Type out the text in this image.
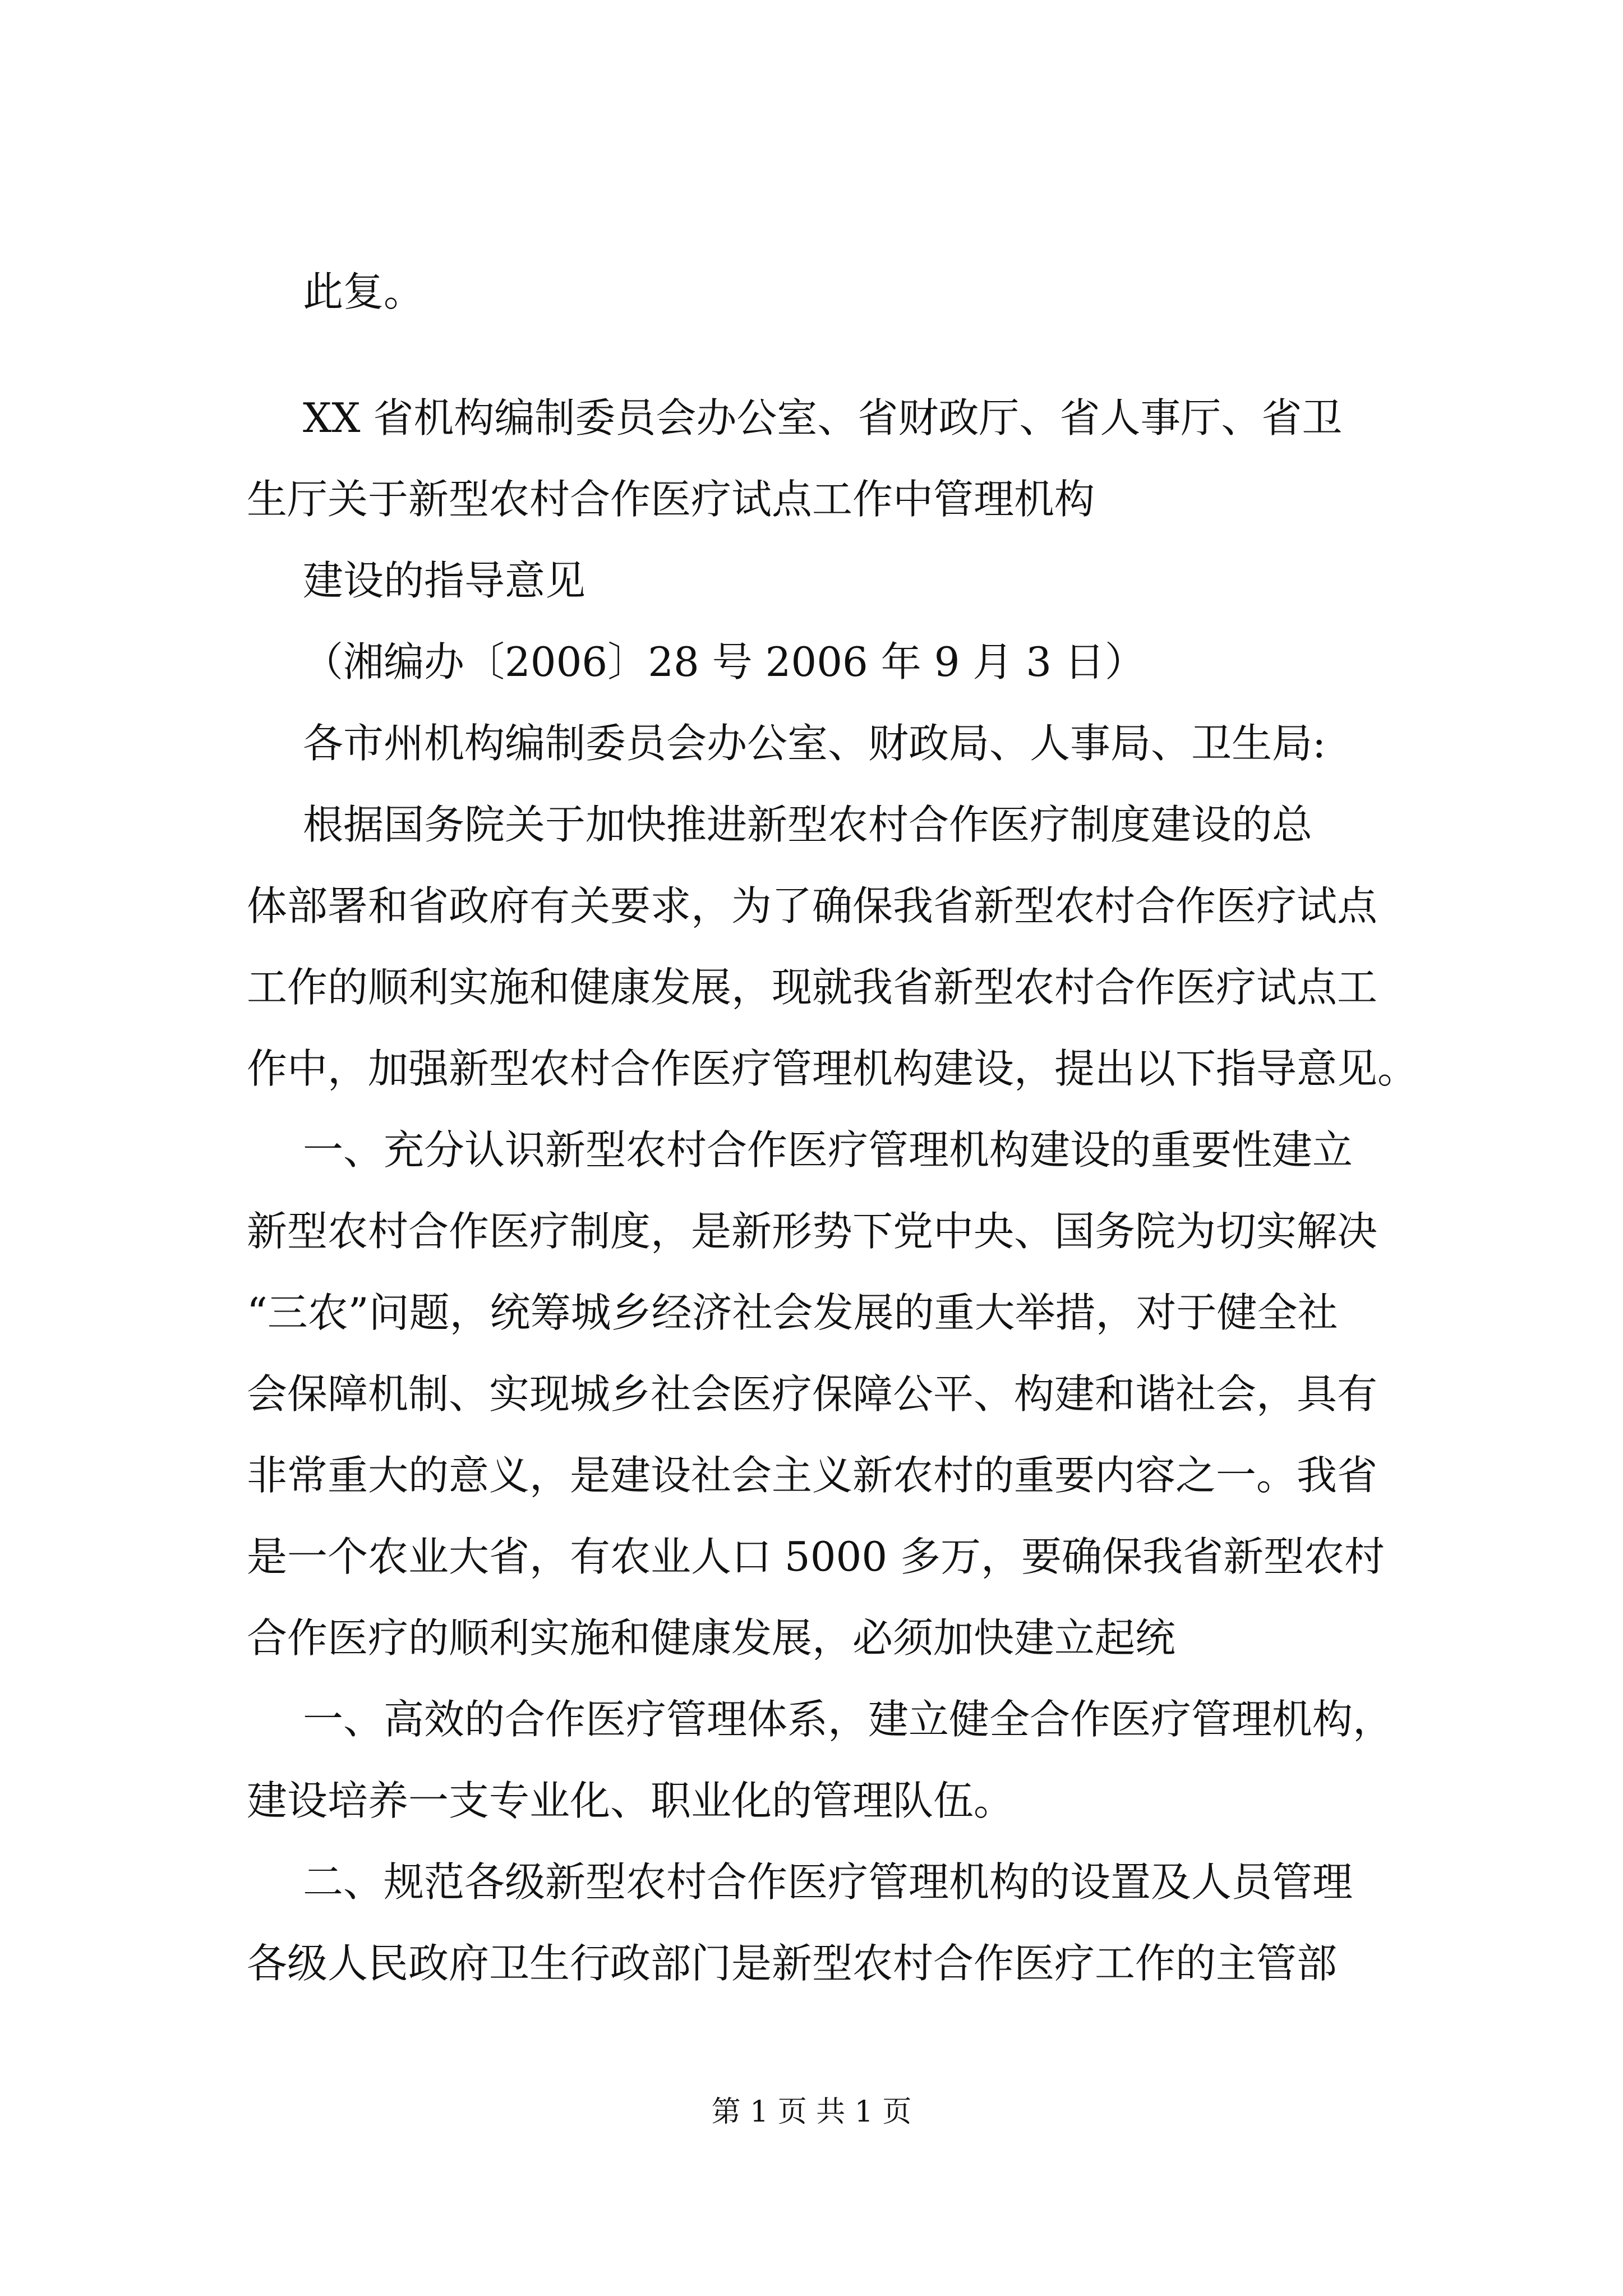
此复。

XX 省机构编制委员会办公室、省财政厅、省人事厅、省卫

生厅关于新型农村合作医疗试点工作中管理机构

建设的指导意见

（湘编办〔2006〕28 号 2006 年 9 月 3 日）

各市州机构编制委员会办公室、财政局、人事局、卫生局:

根据国务院关于加快推进新型农村合作医疗制度建设的总

体部署和省政府有关要求，为了确保我省新型农村合作医疗试点

工作的顺利实施和健康发展，现就我省新型农村合作医疗试点工

作中，加强新型农村合作医疗管理机构建设，提出以下指导意见。

一、充分认识新型农村合作医疗管理机构建设的重要性建立

新型农村合作医疗制度，是新形势下党中央、国务院为切实解决

“三农”问题，统筹城乡经济社会发展的重大举措，对于健全社

会保障机制、实现城乡社会医疗保障公平、构建和谐社会，具有

非常重大的意义，是建设社会主义新农村的重要内容之一。我省

是一个农业大省，有农业人口 5000 多万，要确保我省新型农村

合作医疗的顺利实施和健康发展，必须加快建立起统

一、高效的合作医疗管理体系，建立健全合作医疗管理机构，

建设培养一支专业化、职业化的管理队伍。

二、规范各级新型农村合作医疗管理机构的设置及人员管理

各级人民政府卫生行政部门是新型农村合作医疗工作的主管部

第 1 页 共 1 页
